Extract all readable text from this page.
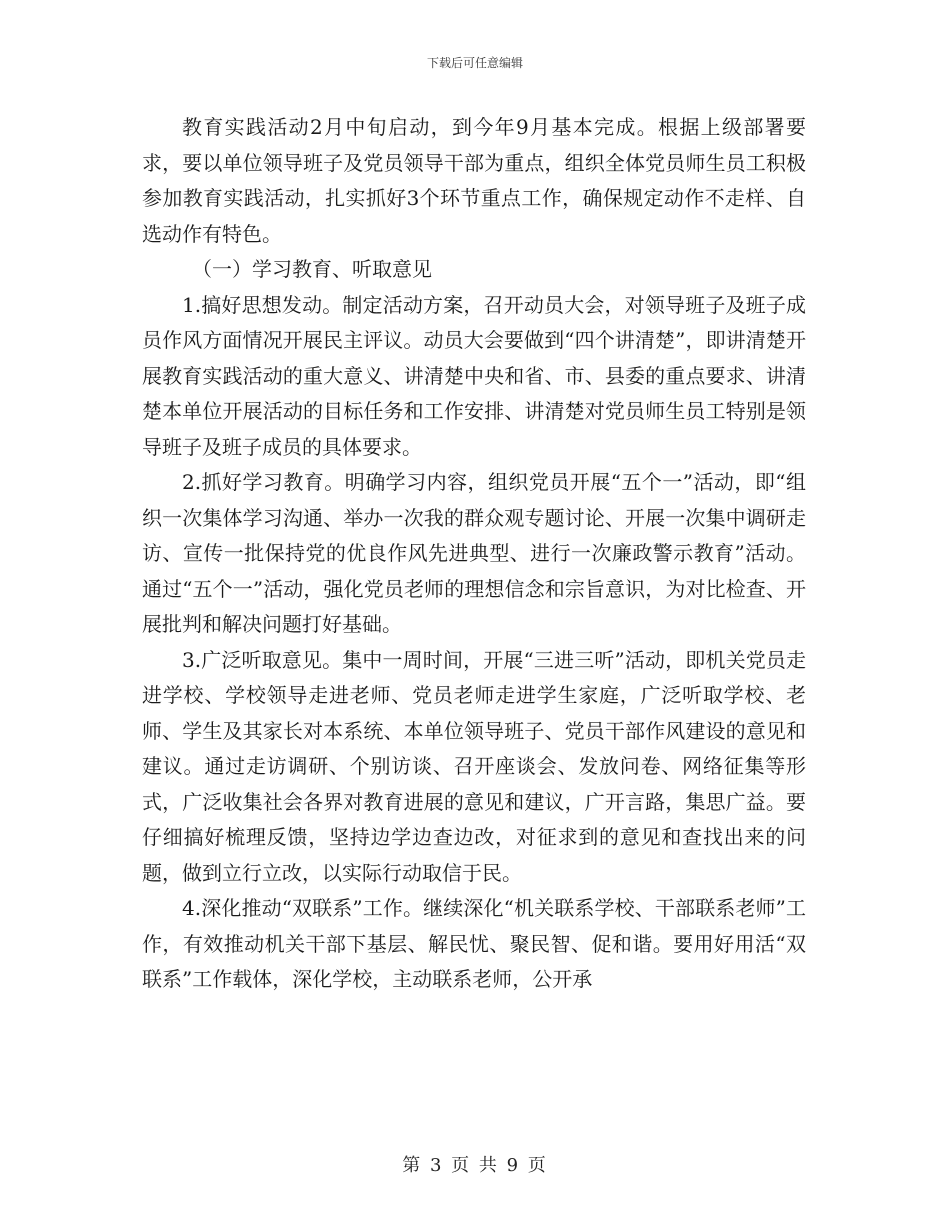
下载后可任意编辑

教育实践活动2月中旬启动，到今年9月基本完成。根据上级部署要求，要以单位领导班子及党员领导干部为重点，组织全体党员师生员工积极参加教育实践活动，扎实抓好3个环节重点工作，确保规定动作不走样、自选动作有特色。

（一）学习教育、听取意见

1.搞好思想发动。制定活动方案，召开动员大会，对领导班子及班子成员作风方面情况开展民主评议。动员大会要做到“四个讲清楚”，即讲清楚开展教育实践活动的重大意义、讲清楚中央和省、市、县委的重点要求、讲清楚本单位开展活动的目标任务和工作安排、讲清楚对党员师生员工特别是领导班子及班子成员的具体要求。

2.抓好学习教育。明确学习内容，组织党员开展“五个一”活动，即“组织一次集体学习沟通、举办一次我的群众观专题讨论、开展一次集中调研走访、宣传一批保持党的优良作风先进典型、进行一次廉政警示教育”活动。通过“五个一”活动，强化党员老师的理想信念和宗旨意识，为对比检查、开展批判和解决问题打好基础。

3.广泛听取意见。集中一周时间，开展“三进三听”活动，即机关党员走进学校、学校领导走进老师、党员老师走进学生家庭，广泛听取学校、老师、学生及其家长对本系统、本单位领导班子、党员干部作风建设的意见和建议。通过走访调研、个别访谈、召开座谈会、发放问卷、网络征集等形式，广泛收集社会各界对教育进展的意见和建议，广开言路，集思广益。要仔细搞好梳理反馈，坚持边学边查边改，对征求到的意见和查找出来的问题，做到立行立改，以实际行动取信于民。

4.深化推动“双联系”工作。继续深化“机关联系学校、干部联系老师”工作，有效推动机关干部下基层、解民忧、聚民智、促和谐。要用好用活“双联系”工作载体，深化学校，主动联系老师，公开承

第 3 页 共 9 页
